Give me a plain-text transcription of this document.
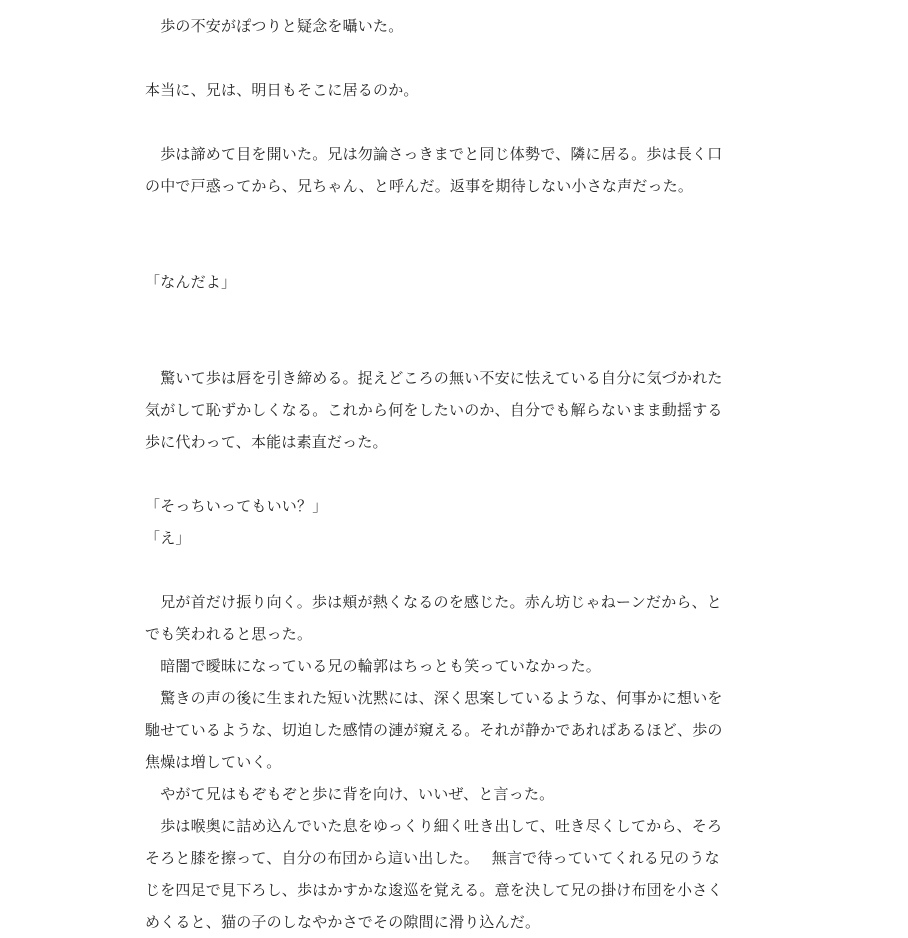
　歩の不安がぽつりと疑念を囁いた。
本当に、兄は、明日もそこに居るのか。
　歩は諦めて目を開いた。兄は勿論さっきまでと同じ体勢で、隣に居る。歩は長く口
の中で戸惑ってから、兄ちゃん、と呼んだ。返事を期待しない小さな声だった。
「なんだよ」
　驚いて歩は唇を引き締める。捉えどころの無い不安に怯えている自分に気づかれた
気がして恥ずかしくなる。これから何をしたいのか、自分でも解らないまま動揺する
歩に代わって、本能は素直だった。
「そっちいってもいい？」
「え」
　兄が首だけ振り向く。歩は頬が熱くなるのを感じた。赤ん坊じゃねーンだから、と
でも笑われると思った。
　暗闇で曖昧になっている兄の輪郭はちっとも笑っていなかった。
　驚きの声の後に生まれた短い沈黙には、深く思案しているような、何事かに想いを
馳せているような、切迫した感情の漣が窺える。それが静かであればあるほど、歩の
焦燥は増していく。
　やがて兄はもぞもぞと歩に背を向け、いいぜ、と言った。
　歩は喉奥に詰め込んでいた息をゆっくり細く吐き出して、吐き尽くしてから、そろ
そろと膝を擦って、自分の布団から這い出した。　 無言で待っていてくれる兄のうな
じを四足で見下ろし、歩はかすかな逡巡を覚える。意を決して兄の掛け布団を小さく
めくると、猫の子のしなやかさでその隙間に滑り込んだ。
